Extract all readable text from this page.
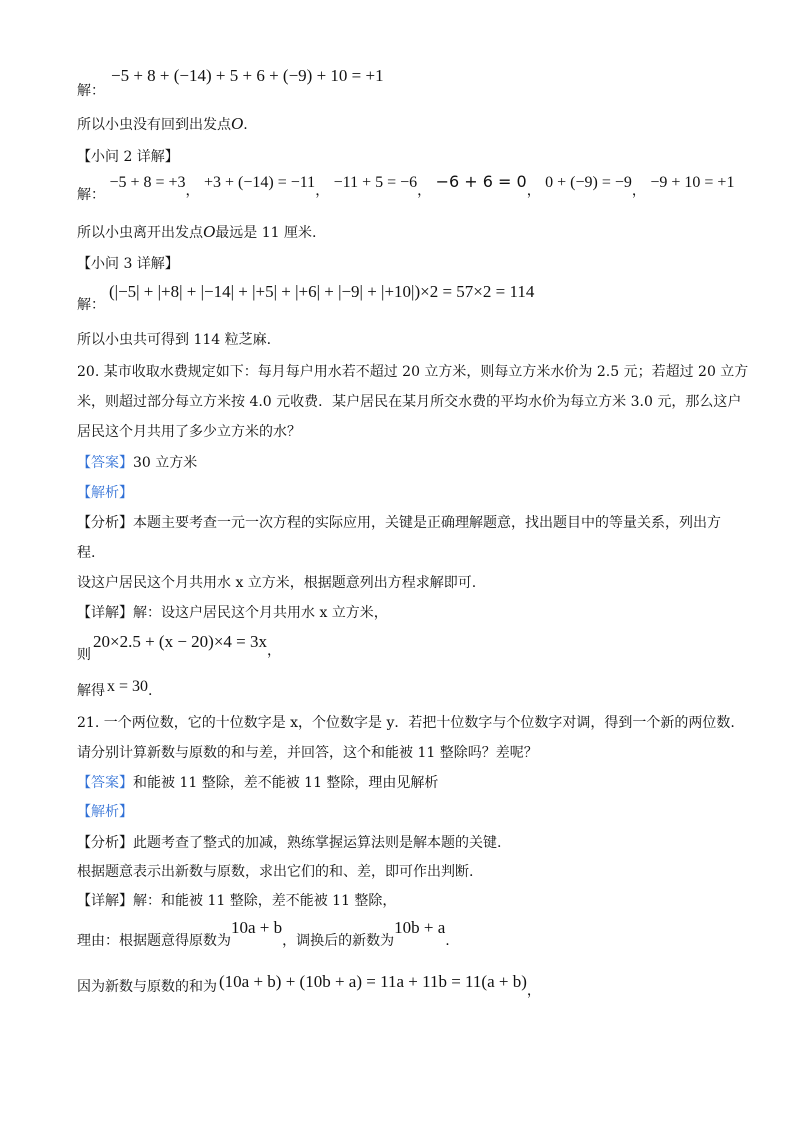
解：−5 + 8 + (−14) + 5 + 6 + (−9) + 10 = +1
所以小虫没有回到出发点O.
【小问 2 详解】
解： −5 + 8 = +3， +3 + (−14) = −11， −11 + 5 = −6， −6 + 6 = 0， 0 + (−9) = −9， −9 + 10 = +1
所以小虫离开出发点O最远是 11 厘米.
【小问 3 详解】
解：(|−5| + |+8| + |−14| + |+5| + |+6| + |−9| + |+10|)×2 = 57×2 = 114
所以小虫共可得到 114 粒芝麻.
20. 某市收取水费规定如下：每月每户用水若不超过 20 立方米，则每立方米水价为 2.5 元；若超过 20 立方
米，则超过部分每立方米按 4.0 元收费．某户居民在某月所交水费的平均水价为每立方米 3.0 元，那么这户
居民这个月共用了多少立方米的水？
【答案】30 立方米
【解析】
【分析】本题主要考查一元一次方程的实际应用，关键是正确理解题意，找出题目中的等量关系，列出方
程.
设这户居民这个月共用水 x 立方米，根据题意列出方程求解即可.
【详解】解：设这户居民这个月共用水 x 立方米，
则20×2.5 + (x − 20)×4 = 3x，
解得 x = 30.
21. 一个两位数，它的十位数字是 x，个位数字是 y．若把十位数字与个位数字对调，得到一个新的两位数.
请分别计算新数与原数的和与差，并回答，这个和能被 11 整除吗？差呢？
【答案】和能被 11 整除，差不能被 11 整除，理由见解析
【解析】
【分析】此题考查了整式的加减，熟练掌握运算法则是解本题的关键.
根据题意表示出新数与原数，求出它们的和、差，即可作出判断.
【详解】解：和能被 11 整除，差不能被 11 整除，
理由：根据题意得原数为10a + b，调换后的新数为10b + a.
因为新数与原数的和为 (10a + b) + (10b + a) = 11a + 11b = 11(a + b)，
